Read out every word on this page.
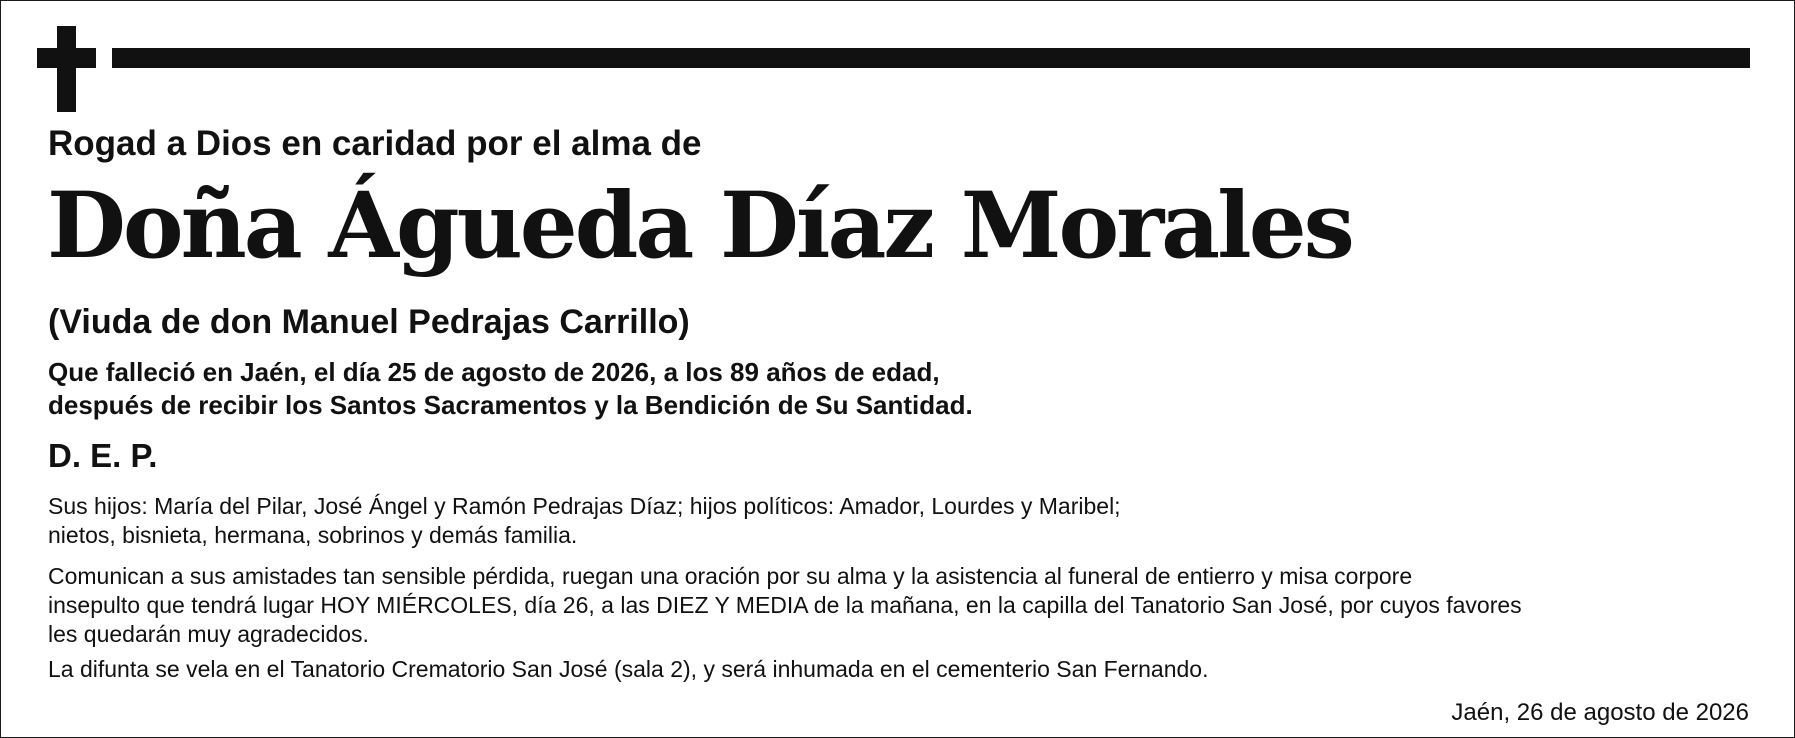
Rogad a Dios en caridad por el alma de
Doña Águeda Díaz Morales
(Viuda de don Manuel Pedrajas Carrillo)
Que falleció en Jaén, el día 25 de agosto de 2026, a los 89 años de edad,
después de recibir los Santos Sacramentos y la Bendición de Su Santidad.
D. E. P.
Sus hijos: María del Pilar, José Ángel y Ramón Pedrajas Díaz; hijos políticos: Amador, Lourdes y Maribel;
nietos, bisnieta, hermana, sobrinos y demás familia.
Comunican a sus amistades tan sensible pérdida, ruegan una oración por su alma y la asistencia al funeral de entierro y misa corpore
insepulto que tendrá lugar HOY MIÉRCOLES, día 26, a las DIEZ Y MEDIA de la mañana, en la capilla del Tanatorio San José, por cuyos favores
les quedarán muy agradecidos.
La difunta se vela en el Tanatorio Crematorio San José (sala 2), y será inhumada en el cementerio San Fernando.
Jaén, 26 de agosto de 2026
